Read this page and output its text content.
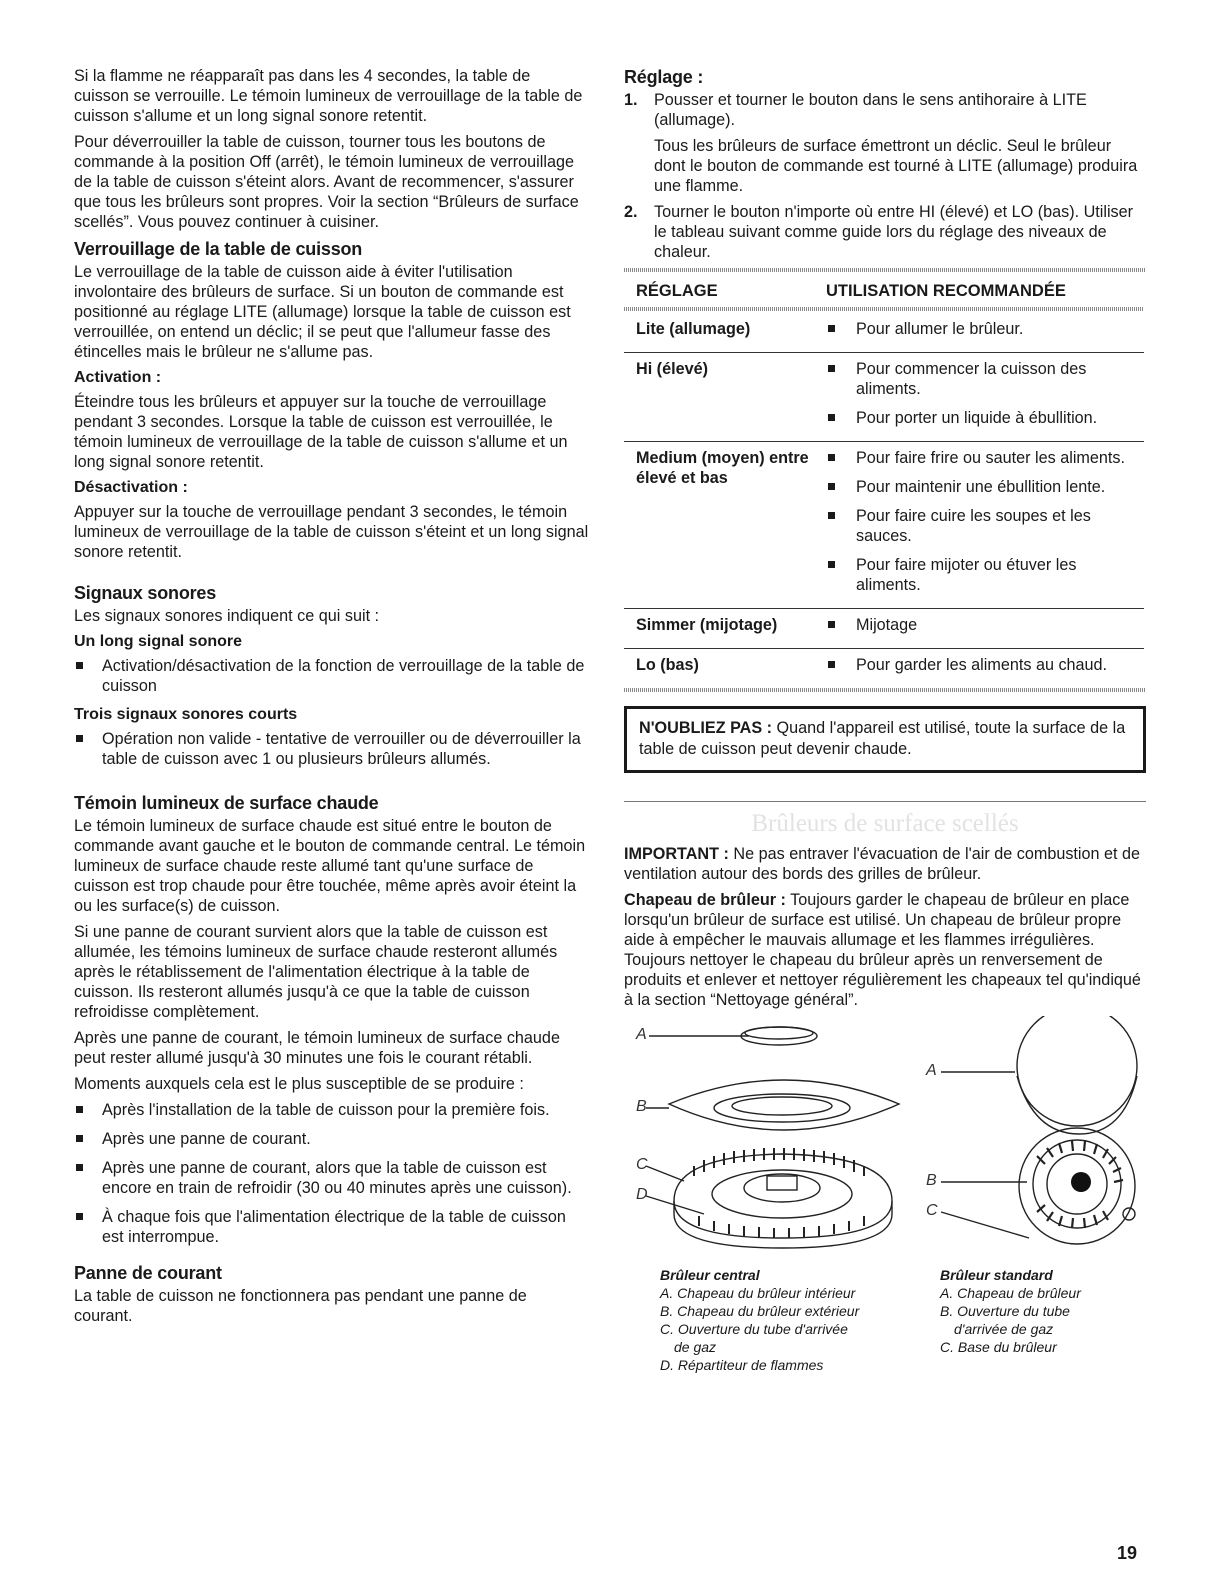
Si la flamme ne réapparaît pas dans les 4 secondes, la table de cuisson se verrouille. Le témoin lumineux de verrouillage de la table de cuisson s'allume et un long signal sonore retentit.

Pour déverrouiller la table de cuisson, tourner tous les boutons de commande à la position Off (arrêt), le témoin lumineux de verrouillage de la table de cuisson s'éteint alors. Avant de recommencer, s'assurer que tous les brûleurs sont propres. Voir la section “Brûleurs de surface scellés”. Vous pouvez continuer à cuisiner.

Verrouillage de la table de cuisson

Le verrouillage de la table de cuisson aide à éviter l'utilisation involontaire des brûleurs de surface. Si un bouton de commande est positionné au réglage LITE (allumage) lorsque la table de cuisson est verrouillée, on entend un déclic; il se peut que l'allumeur fasse des étincelles mais le brûleur ne s'allume pas.

Activation :

Éteindre tous les brûleurs et appuyer sur la touche de verrouillage pendant 3 secondes. Lorsque la table de cuisson est verrouillée, le témoin lumineux de verrouillage de la table de cuisson s'allume et un long signal sonore retentit.

Désactivation :

Appuyer sur la touche de verrouillage pendant 3 secondes, le témoin lumineux de verrouillage de la table de cuisson s'éteint et un long signal sonore retentit.

Signaux sonores

Les signaux sonores indiquent ce qui suit :

Un long signal sonore
Activation/désactivation de la fonction de verrouillage de la table de cuisson
Trois signaux sonores courts
Opération non valide - tentative de verrouiller ou de déverrouiller la table de cuisson avec 1 ou plusieurs brûleurs allumés.
Témoin lumineux de surface chaude

Le témoin lumineux de surface chaude est situé entre le bouton de commande avant gauche et le bouton de commande central. Le témoin lumineux de surface chaude reste allumé tant qu'une surface de cuisson est trop chaude pour être touchée, même après avoir éteint la ou les surface(s) de cuisson.

Si une panne de courant survient alors que la table de cuisson est allumée, les témoins lumineux de surface chaude resteront allumés après le rétablissement de l'alimentation électrique à la table de cuisson. Ils resteront allumés jusqu'à ce que la table de cuisson refroidisse complètement.

Après une panne de courant, le témoin lumineux de surface chaude peut rester allumé jusqu'à 30 minutes une fois le courant rétabli.

Moments auxquels cela est le plus susceptible de se produire :

Après l'installation de la table de cuisson pour la première fois.
Après une panne de courant.
Après une panne de courant, alors que la table de cuisson est encore en train de refroidir (30 ou 40 minutes après une cuisson).
À chaque fois que l'alimentation électrique de la table de cuisson est interrompue.
Panne de courant

La table de cuisson ne fonctionnera pas pendant une panne de courant.

Réglage :
1. Pousser et tourner le bouton dans le sens antihoraire à LITE (allumage).

Tous les brûleurs de surface émettront un déclic. Seul le brûleur dont le bouton de commande est tourné à LITE (allumage) produira une flamme.

2. Tourner le bouton n'importe où entre HI (élevé) et LO (bas). Utiliser le tableau suivant comme guide lors du réglage des niveaux de chaleur.

RÉGLAGE	UTILISATION RECOMMANDÉE

Lite (allumage)	Pour allumer le brûleur.

Hi (élevé)	Pour commencer la cuisson des aliments.
Pour porter un liquide à ébullition.

Medium (moyen) entre élevé et bas	Pour faire frire ou sauter les aliments.
Pour maintenir une ébullition lente.
Pour faire cuire les soupes et les sauces.
Pour faire mijoter ou étuver les aliments.

Simmer (mijotage)	Mijotage

Lo (bas)	Pour garder les aliments au chaud.
N'OUBLIEZ PAS : Quand l'appareil est utilisé, toute la surface de la table de cuisson peut devenir chaude.
Brûleurs de surface scellés

IMPORTANT : Ne pas entraver l'évacuation de l'air de combustion et de ventilation autour des bords des grilles de brûleur.

Chapeau de brûleur : Toujours garder le chapeau de brûleur en place lorsqu'un brûleur de surface est utilisé. Un chapeau de brûleur propre aide à empêcher le mauvais allumage et les flammes irrégulières. Toujours nettoyer le chapeau du brûleur après un renversement de produits et enlever et nettoyer régulièrement les chapeaux tel qu'indiqué à la section “Nettoyage général”.

A
B
C
D
A
B
C
Brûleur central
A. Chapeau du brûleur intérieur
B. Chapeau du brûleur extérieur
C. Ouverture du tube d'arrivée
de gaz
D. Répartiteur de flammes
Brûleur standard
A. Chapeau de brûleur
B. Ouverture du tube
d'arrivée de gaz
C. Base du brûleur
19
